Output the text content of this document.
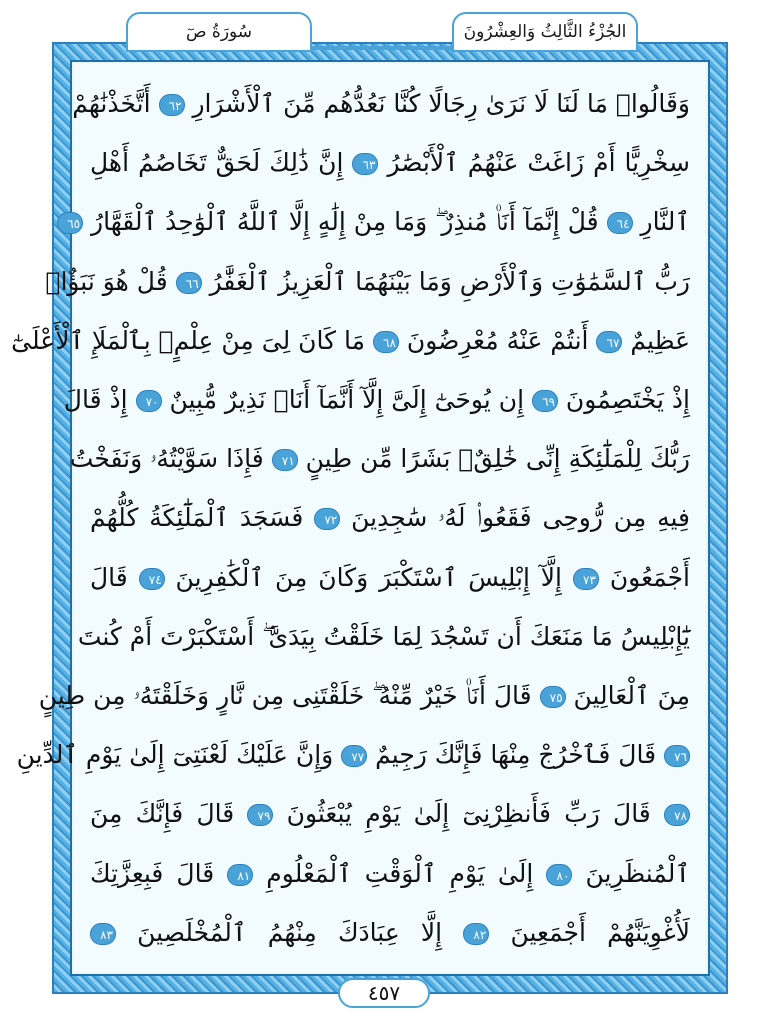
الجُزْءُ الثَّالِثُ وَالعِشْرُونَ
سُورَةُ صٓ
وَقَالُوا۟ مَا لَنَا لَا نَرَىٰ رِجَالًا كُنَّا نَعُدُّهُم مِّنَ ٱلْأَشْرَارِ ٦٢ أَتَّخَذْنَٰهُمْ
سِخْرِيًّا أَمْ زَاغَتْ عَنْهُمُ ٱلْأَبْصَٰرُ ٦٣ إِنَّ ذَٰلِكَ لَحَقٌّ تَخَاصُمُ أَهْلِ
ٱلنَّارِ ٦٤ قُلْ إِنَّمَآ أَنَا۠ مُنذِرٌ ۖ وَمَا مِنْ إِلَٰهٍ إِلَّا ٱللَّهُ ٱلْوَٰحِدُ ٱلْقَهَّارُ ٦٥
رَبُّ ٱلسَّمَٰوَٰتِ وَٱلْأَرْضِ وَمَا بَيْنَهُمَا ٱلْعَزِيزُ ٱلْغَفَّٰرُ ٦٦ قُلْ هُوَ نَبَؤٌا۟
عَظِيمٌ ٦٧ أَنتُمْ عَنْهُ مُعْرِضُونَ ٦٨ مَا كَانَ لِىَ مِنْ عِلْمٍۭ بِٱلْمَلَإِ ٱلْأَعْلَىٰٓ
إِذْ يَخْتَصِمُونَ ٦٩ إِن يُوحَىٰٓ إِلَىَّ إِلَّآ أَنَّمَآ أَنَا۠ نَذِيرٌ مُّبِينٌ ٧٠ إِذْ قَالَ
رَبُّكَ لِلْمَلَٰٓئِكَةِ إِنِّى خَٰلِقٌۢ بَشَرًا مِّن طِينٍ ٧١ فَإِذَا سَوَّيْتُهُۥ وَنَفَخْتُ
فِيهِ مِن رُّوحِى فَقَعُوا۟ لَهُۥ سَٰجِدِينَ ٧٢ فَسَجَدَ ٱلْمَلَٰٓئِكَةُ كُلُّهُمْ
أَجْمَعُونَ ٧٣ إِلَّآ إِبْلِيسَ ٱسْتَكْبَرَ وَكَانَ مِنَ ٱلْكَٰفِرِينَ ٧٤ قَالَ
يَٰٓإِبْلِيسُ مَا مَنَعَكَ أَن تَسْجُدَ لِمَا خَلَقْتُ بِيَدَىَّ ۖ أَسْتَكْبَرْتَ أَمْ كُنتَ
مِنَ ٱلْعَالِينَ ٧٥ قَالَ أَنَا۠ خَيْرٌ مِّنْهُ ۖ خَلَقْتَنِى مِن نَّارٍ وَخَلَقْتَهُۥ مِن طِينٍ
٧٦ قَالَ فَٱخْرُجْ مِنْهَا فَإِنَّكَ رَجِيمٌ ٧٧ وَإِنَّ عَلَيْكَ لَعْنَتِىٓ إِلَىٰ يَوْمِ ٱلدِّينِ
٧٨ قَالَ رَبِّ فَأَنظِرْنِىٓ إِلَىٰ يَوْمِ يُبْعَثُونَ ٧٩ قَالَ فَإِنَّكَ مِنَ
ٱلْمُنظَرِينَ ٨٠ إِلَىٰ يَوْمِ ٱلْوَقْتِ ٱلْمَعْلُومِ ٨١ قَالَ فَبِعِزَّتِكَ
لَأُغْوِيَنَّهُمْ أَجْمَعِينَ ٨٢ إِلَّا عِبَادَكَ مِنْهُمُ ٱلْمُخْلَصِينَ ٨٣
٤٥٧
